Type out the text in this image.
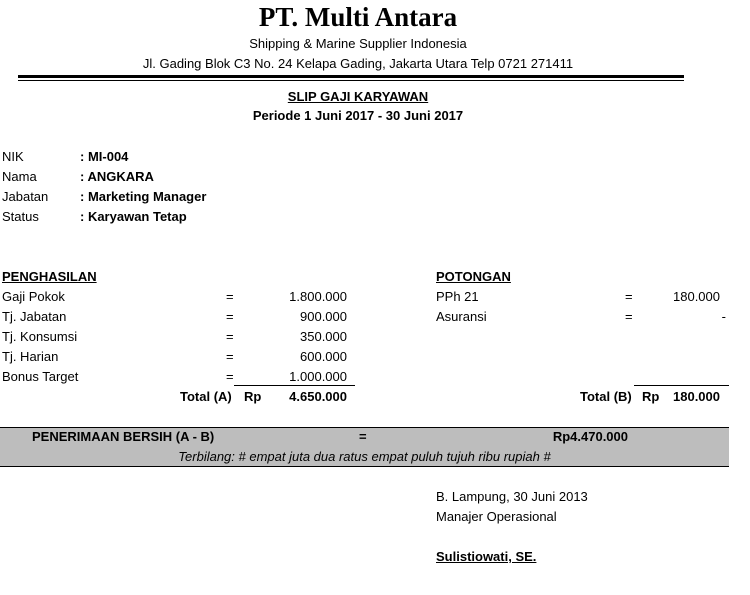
PT. Multi Antara
Shipping & Marine Supplier Indonesia
Jl. Gading Blok C3 No. 24 Kelapa Gading, Jakarta Utara Telp 0721 271411
SLIP GAJI KARYAWAN
Periode 1 Juni 2017 - 30 Juni 2017
NIK	: MI-004
Nama	: ANGKARA
Jabatan : Marketing Manager
Status	: Karyawan Tetap
PENGHASILAN
Gaji Pokok	=	1.800.000
Tj. Jabatan	=	900.000
Tj. Konsumsi	=	350.000
Tj. Harian	=	600.000
Bonus Target	=	1.000.000
Total (A) Rp	4.650.000
POTONGAN
PPh 21	=	180.000
Asuransi	=	-
Total (B) Rp	180.000
PENERIMAAN BERSIH (A - B)	=	Rp4.470.000
Terbilang: # empat juta dua ratus empat puluh tujuh ribu rupiah #
B. Lampung, 30 Juni 2013
Manajer Operasional
Sulistiowati, SE.
